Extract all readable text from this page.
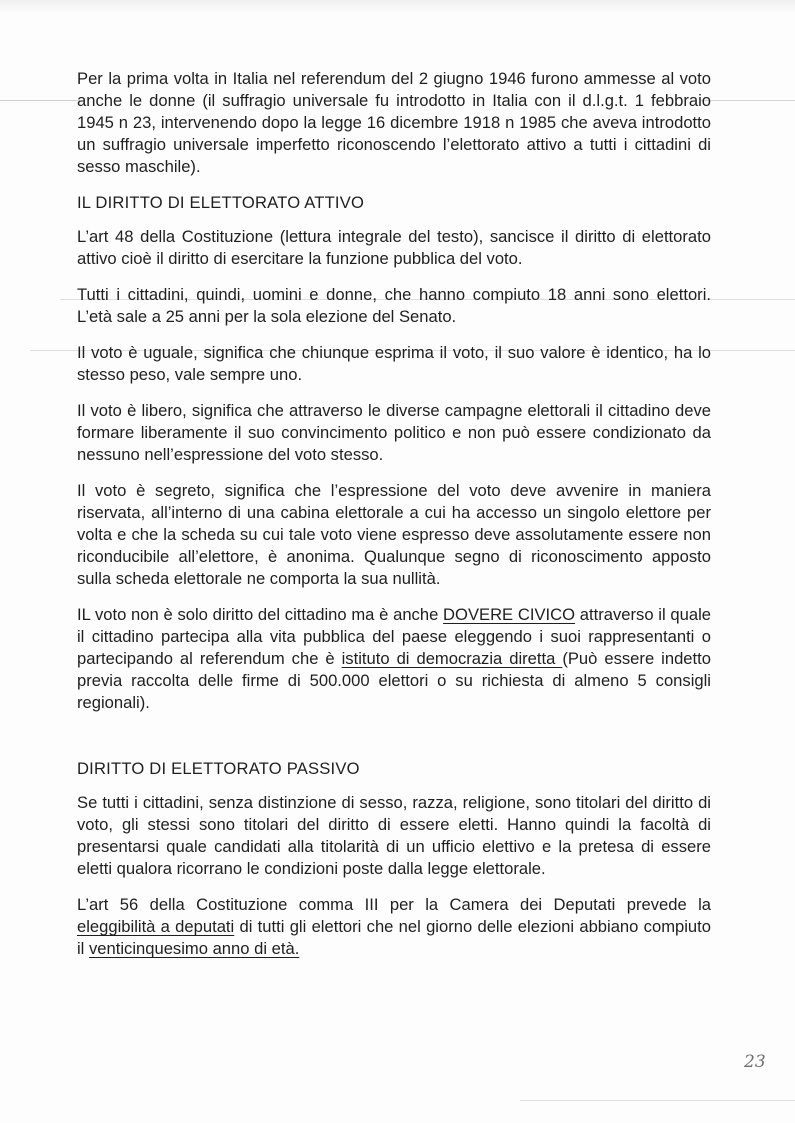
Per la prima volta in Italia nel referendum del 2 giugno 1946 furono ammesse al voto anche le donne (il suffragio universale fu introdotto in Italia con il d.l.g.t. 1 febbraio 1945 n 23, intervenendo dopo la legge 16 dicembre 1918 n 1985 che aveva introdotto un suffragio universale imperfetto riconoscendo l’elettorato attivo a tutti i cittadini di sesso maschile).

IL DIRITTO DI ELETTORATO ATTIVO

L’art 48 della Costituzione (lettura integrale del testo), sancisce il diritto di elettorato attivo cioè il diritto di esercitare la funzione pubblica del voto.

Tutti i cittadini, quindi, uomini e donne, che hanno compiuto 18 anni sono elettori. L’età sale a 25 anni per la sola elezione del Senato.

Il voto è uguale, significa che chiunque esprima il voto, il suo valore è identico, ha lo stesso peso, vale sempre uno.

Il voto è libero, significa che attraverso le diverse campagne elettorali il cittadino deve formare liberamente il suo convincimento politico e non può essere condizionato da nessuno nell’espressione del voto stesso.

Il voto è segreto, significa che l’espressione del voto deve avvenire in maniera riservata, all’interno di una cabina elettorale a cui ha accesso un singolo elettore per volta e che la scheda su cui tale voto viene espresso deve assolutamente essere non riconducibile all’elettore, è anonima. Qualunque segno di riconoscimento apposto sulla scheda elettorale ne comporta la sua nullità.

IL voto non è solo diritto del cittadino ma è anche DOVERE CIVICO attraverso il quale il cittadino partecipa alla vita pubblica del paese eleggendo i suoi rappresentanti o partecipando al referendum che è istituto di democrazia diretta (Può essere indetto previa raccolta delle firme di 500.000 elettori o su richiesta di almeno 5 consigli regionali).

DIRITTO DI ELETTORATO PASSIVO

Se tutti i cittadini, senza distinzione di sesso, razza, religione, sono titolari del diritto di voto, gli stessi sono titolari del diritto di essere eletti. Hanno quindi la facoltà di presentarsi quale candidati alla titolarità di un ufficio elettivo e la pretesa di essere eletti qualora ricorrano le condizioni poste dalla legge elettorale.

L’art 56 della Costituzione comma III per la Camera dei Deputati prevede la eleggibilità a deputati di tutti gli elettori che nel giorno delle elezioni abbiano compiuto il venticinquesimo anno di età.

23
